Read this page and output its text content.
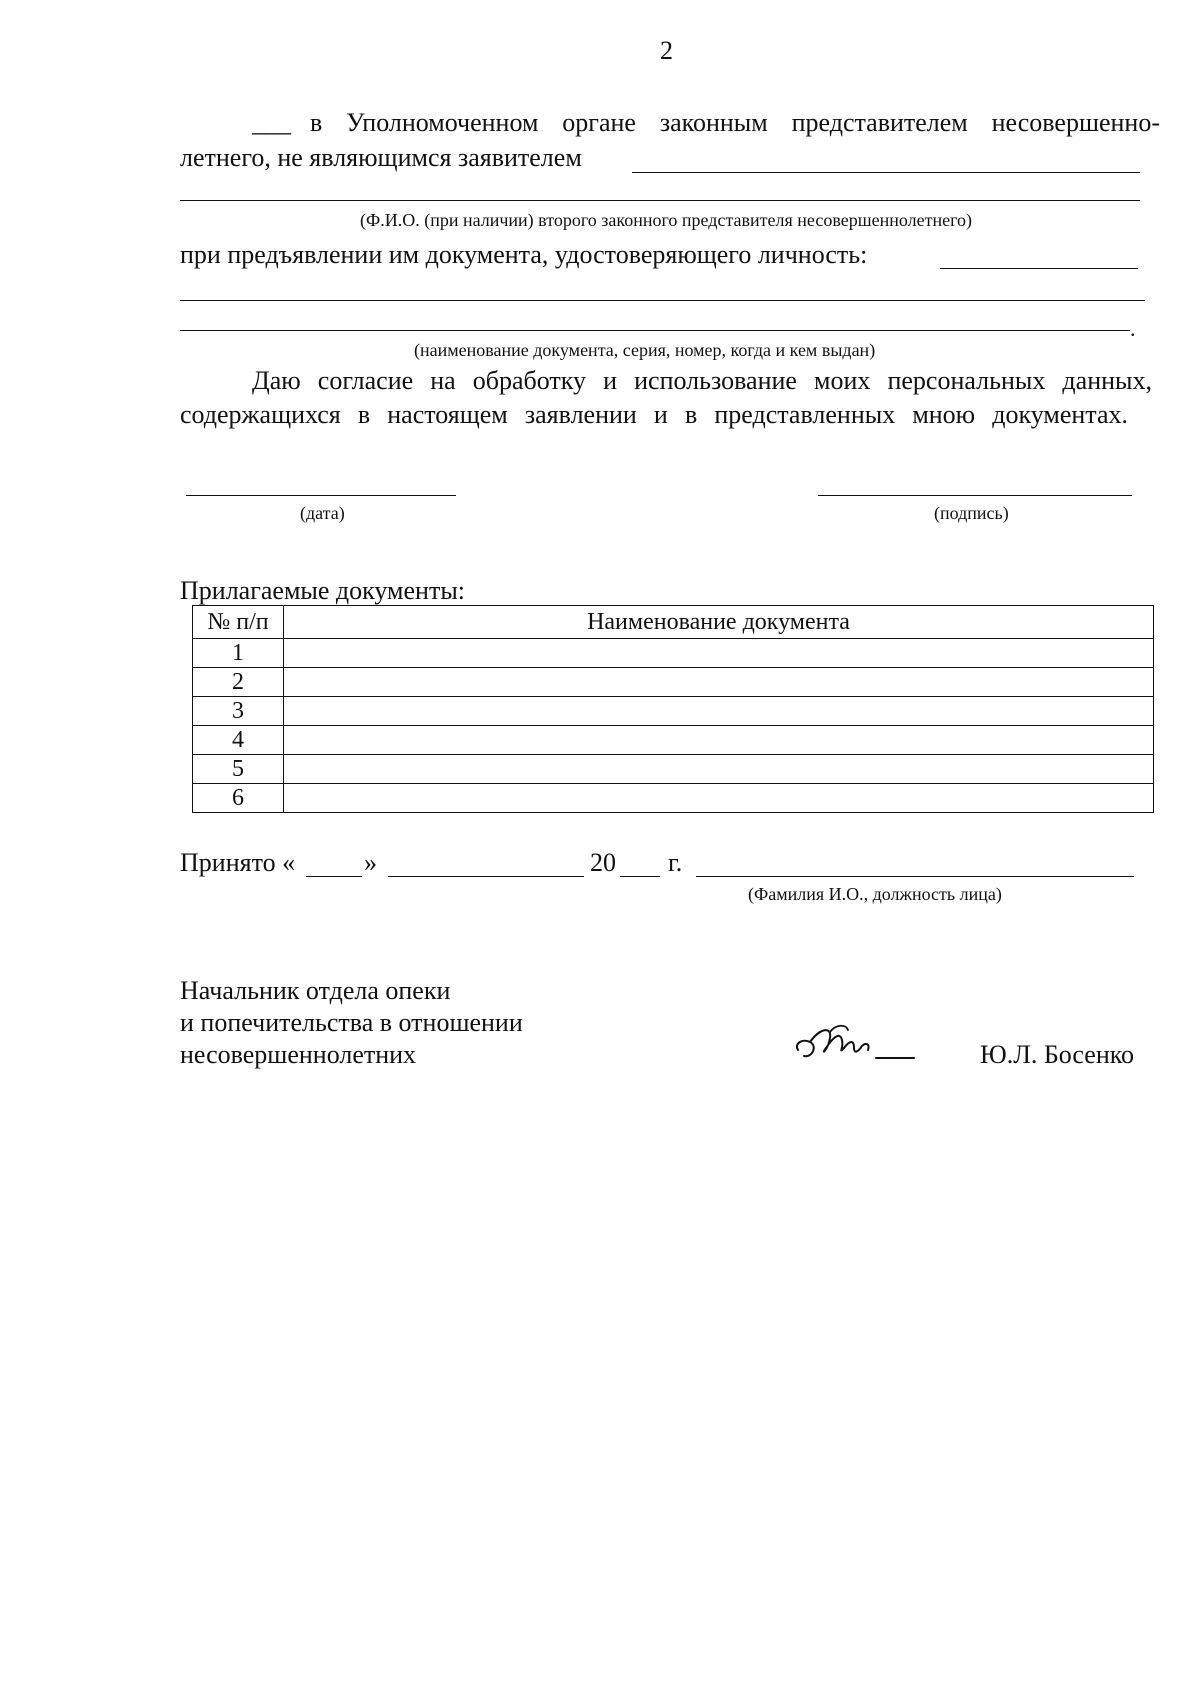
2
___ в Уполномоченном органе законным представителем несовершенно-
летнего, не являющимся заявителем
(Ф.И.О. (при наличии) второго законного представителя несовершеннолетнего)
при предъявлении им документа, удостоверяющего личность:
.
(наименование документа, серия, номер, когда и кем выдан)
Даю согласие на обработку и использование моих персональных данных,
содержащихся в настоящем заявлении и в представленных мною документах.
(дата)	(подпись)
Прилагаемые документы:
№ п/п	Наименование документа
1	
2	
3	
4	
5	
6	
Принято «	»	20 г.
(Фамилия И.О., должность лица)
Начальник отдела опеки
и попечительства в отношении
несовершеннолетних	Ю.Л. Босенко
